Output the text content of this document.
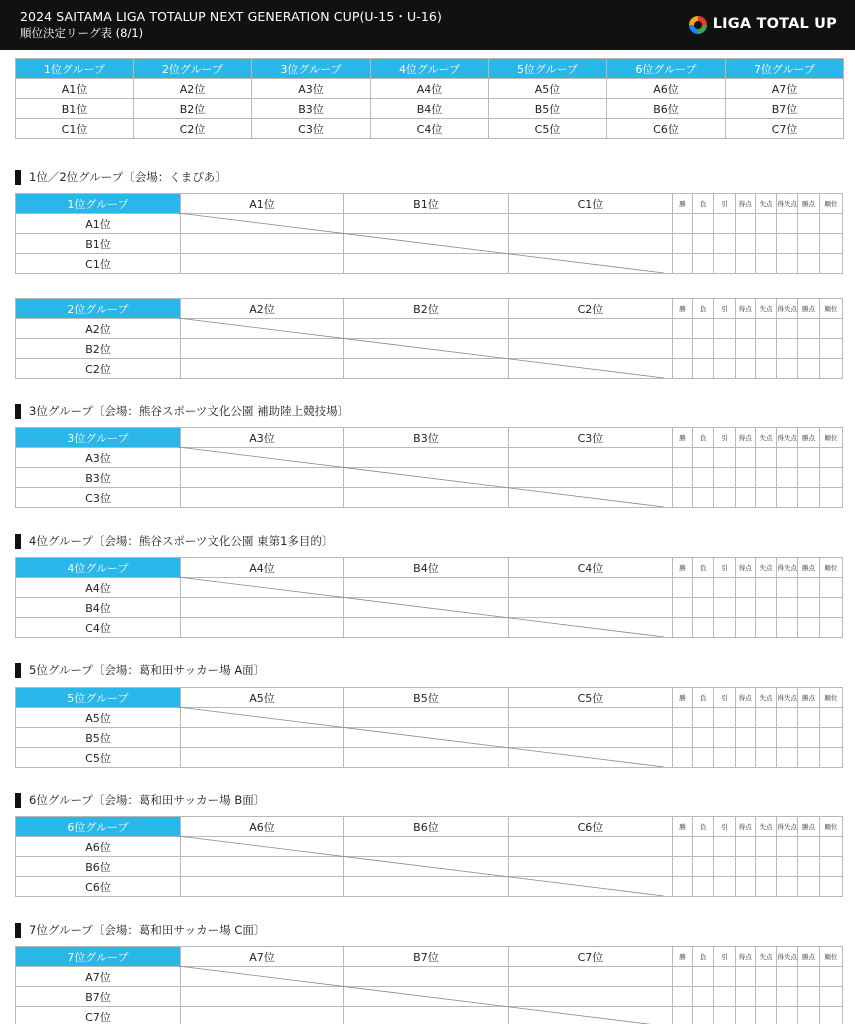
2024 SAITAMA LIGA TOTALUP NEXT GENERATION CUP(U-15・U-16)
順位決定リーグ表 (8/1)
LIGA TOTAL UP
1位グループ	2位グループ	3位グループ	4位グループ	5位グループ	6位グループ	7位グループ
A1位	A2位	A3位	A4位	A5位	A6位	A7位
B1位	B2位	B3位	B4位	B5位	B6位	B7位
C1位	C2位	C3位	C4位	C5位	C6位	C7位
1位／2位グループ〔会場：くまぴあ〕
1位グループ	A1位	B1位	C1位	勝	負	引	得点	失点	得失点	勝点	順位
A1位											
B1位											
C1位											
2位グループ	A2位	B2位	C2位	勝	負	引	得点	失点	得失点	勝点	順位
A2位											
B2位											
C2位											
3位グループ〔会場：熊谷スポーツ文化公園 補助陸上競技場〕
3位グループ	A3位	B3位	C3位	勝	負	引	得点	失点	得失点	勝点	順位
A3位											
B3位											
C3位											
4位グループ〔会場：熊谷スポーツ文化公園 東第1多目的〕
4位グループ	A4位	B4位	C4位	勝	負	引	得点	失点	得失点	勝点	順位
A4位											
B4位											
C4位											
5位グループ〔会場：葛和田サッカー場 A面〕
5位グループ	A5位	B5位	C5位	勝	負	引	得点	失点	得失点	勝点	順位
A5位											
B5位											
C5位											
6位グループ〔会場：葛和田サッカー場 B面〕
6位グループ	A6位	B6位	C6位	勝	負	引	得点	失点	得失点	勝点	順位
A6位											
B6位											
C6位											
7位グループ〔会場：葛和田サッカー場 C面〕
7位グループ	A7位	B7位	C7位	勝	負	引	得点	失点	得失点	勝点	順位
A7位											
B7位											
C7位											
